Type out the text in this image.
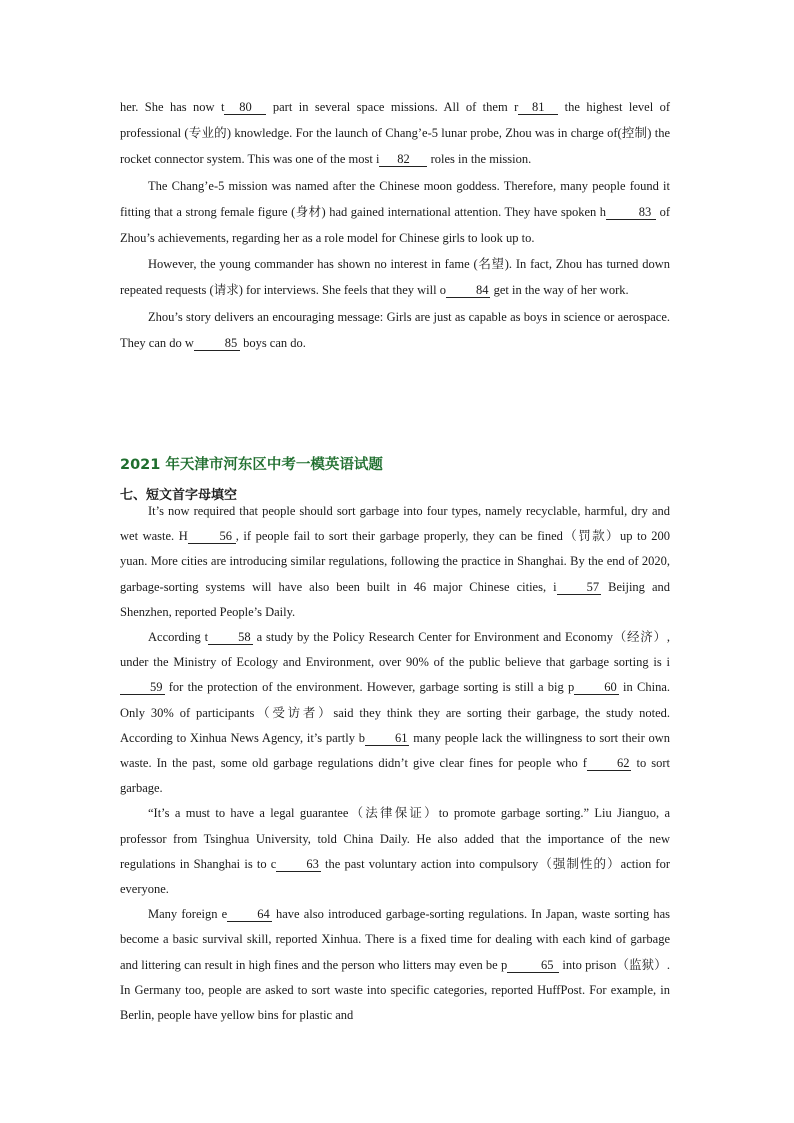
her. She has now t 80 part in several space missions. All of them r 81 the highest level of professional (专业的) knowledge. For the launch of Chang’e-5 lunar probe, Zhou was in charge of(控制) the rocket connector system. This was one of the most i 82 roles in the mission.

The Chang’e-5 mission was named after the Chinese moon goddess. Therefore, many people found it fitting that a strong female figure (身材) had gained international attention. They have spoken h	83 of Zhou’s achievements, regarding her as a role model for Chinese girls to look up to.

However, the young commander has shown no interest in fame (名望). In fact, Zhou has turned down repeated requests (请求) for interviews. She feels that they will o 84 get in the way of her work.

Zhou’s story delivers an encouraging message: Girls are just as capable as boys in science or aerospace. They can do w 85 boys can do.

2021 年天津市河东区中考一模英语试题
七、短文首字母填空

It’s now required that people should sort garbage into four types, namely recyclable, harmful, dry and wet waste. H	56 , if people fail to sort their garbage properly, they can be fined（罚款）up to 200 yuan. More cities are introducing similar regulations, following the practice in Shanghai. By the end of 2020, garbage-sorting systems will have also been built in 46 major Chinese cities, i 57 Beijing and Shenzhen, reported People’s Daily.

According t 58 a study by the Policy Research Center for Environment and Economy（经济）, under the Ministry of Ecology and Environment, over 90% of the public believe that garbage sorting is i59 for the protection of the environment. However, garbage sorting is still a big p 60 in China. Only 30% of participants（受访者）said they think they are sorting their garbage, the study noted. According to Xinhua News Agency, it’s partly b 61 many people lack the willingness to sort their own waste. In the past, some old garbage regulations didn’t give clear fines for people who f 62 to sort garbage.

“It’s a must to have a legal guarantee（法律保证）to promote garbage sorting.” Liu Jianguo, a professor from Tsinghua University, told China Daily. He also added that the importance of the new regulations in Shanghai is to c 63 the past voluntary action into compulsory（强制性的）action for everyone.

Many foreign e 64 have also introduced garbage-sorting regulations. In Japan, waste sorting has become a basic survival skill, reported Xinhua. There is a fixed time for dealing with each kind of garbage and littering can result in high fines and the person who litters may even be p	65 into prison（监狱）. In Germany too, people are asked to sort waste into specific categories, reported HuffPost. For example, in Berlin, people have yellow bins for plastic and
